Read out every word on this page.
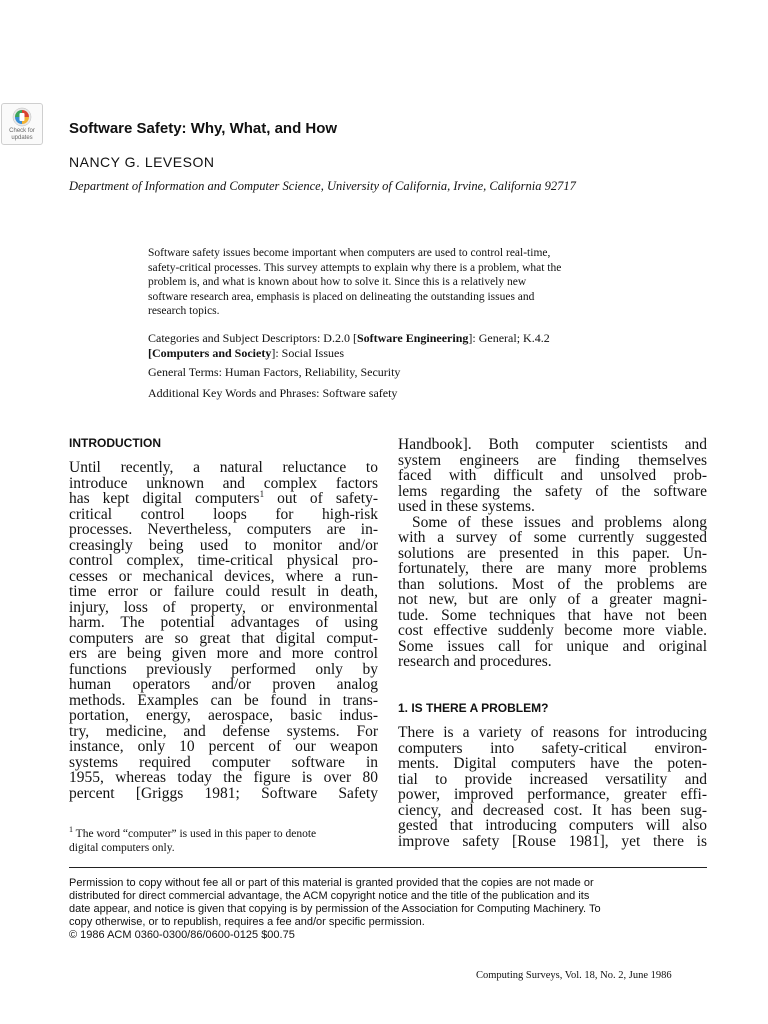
Check for updates
Software Safety: Why, What, and How
NANCY G. LEVESON
Department of Information and Computer Science, University of California, Irvine, California 92717
Software safety issues become important when computers are used to control real-time,
safety-critical processes. This survey attempts to explain why there is a problem, what the
problem is, and what is known about how to solve it. Since this is a relatively new
software research area, emphasis is placed on delineating the outstanding issues and
research topics.
Categories and Subject Descriptors: D.2.0 [Software Engineering]: General; K.4.2
[Computers and Society]: Social Issues
General Terms: Human Factors, Reliability, Security
Additional Key Words and Phrases: Software safety
INTRODUCTION
Until recently, a natural reluctance to
introduce unknown and complex factors
has kept digital computers$^1$ out of safety-
critical control loops for high-risk
processes. Nevertheless, computers are in-
creasingly being used to monitor and/or
control complex, time-critical physical pro-
cesses or mechanical devices, where a run-
time error or failure could result in death,
injury, loss of property, or environmental
harm. The potential advantages of using
computers are so great that digital comput-
ers are being given more and more control
functions previously performed only by
human operators and/or proven analog
methods. Examples can be found in trans-
portation, energy, aerospace, basic indus-
try, medicine, and defense systems. For
instance, only 10 percent of our weapon
systems required computer software in
1955, whereas today the figure is over 80
percent [Griggs 1981; Software Safety
$^1$ The word “computer” is used in this paper to denote
digital computers only.
Handbook]. Both computer scientists and
system engineers are finding themselves
faced with difficult and unsolved prob-
lems regarding the safety of the software
used in these systems.
Some of these issues and problems along
with a survey of some currently suggested
solutions are presented in this paper. Un-
fortunately, there are many more problems
than solutions. Most of the problems are
not new, but are only of a greater magni-
tude. Some techniques that have not been
cost effective suddenly become more viable.
Some issues call for unique and original
research and procedures.
1. IS THERE A PROBLEM?
There is a variety of reasons for introducing
computers into safety-critical environ-
ments. Digital computers have the poten-
tial to provide increased versatility and
power, improved performance, greater effi-
ciency, and decreased cost. It has been sug-
gested that introducing computers will also
improve safety [Rouse 1981], yet there is
Permission to copy without fee all or part of this material is granted provided that the copies are not made or
distributed for direct commercial advantage, the ACM copyright notice and the title of the publication and its
date appear, and notice is given that copying is by permission of the Association for Computing Machinery. To
copy otherwise, or to republish, requires a fee and/or specific permission.
© 1986 ACM 0360-0300/86/0600-0125 $00.75
Computing Surveys, Vol. 18, No. 2, June 1986
